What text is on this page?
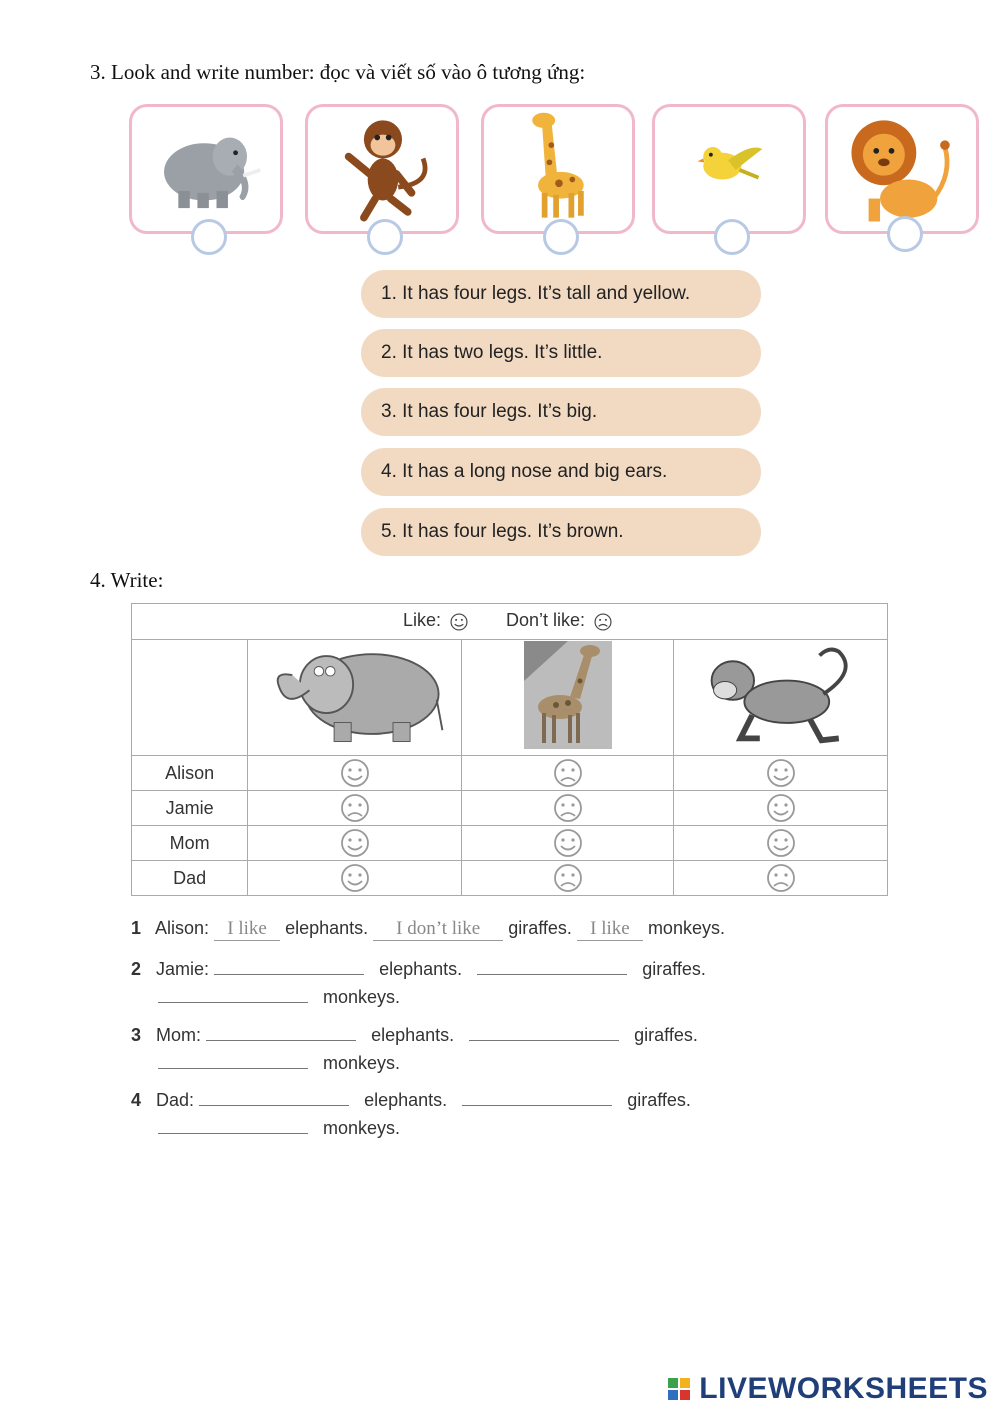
3. Look and write number: đọc và viết số vào ô tương ứng:
1. It has four legs. It’s tall and yellow.
2. It has two legs. It’s little.
3. It has four legs. It’s big.
4. It has a long nose and big ears.
5. It has four legs. It’s brown.
4. Write:
Like: Don’t like:			

Alison			
Jamie			
Mom			
Dad			
1 Alison: I like elephants. I don’t like giraffes. I like monkeys.
2 Jamie:	elephants.	giraffes.
monkeys.
3 Mom:	elephants.	giraffes.
monkeys.
4 Dad:	elephants.	giraffes.
monkeys.
LIVEWORKSHEETS
